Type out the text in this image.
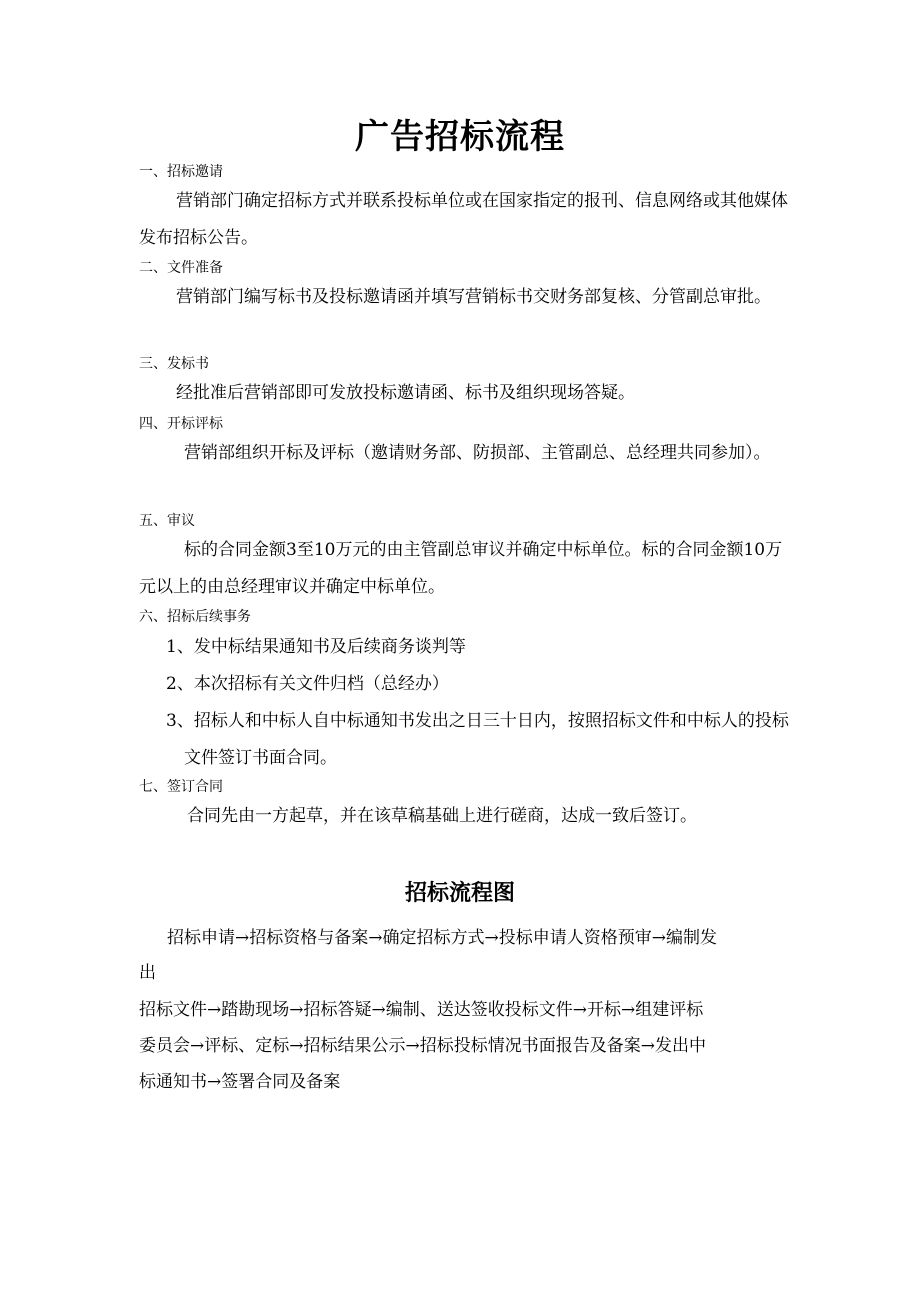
广告招标流程
一、招标邀请
营销部门确定招标方式并联系投标单位或在国家指定的报刊、信息网络或其他媒体发布招标公告。
二、文件准备
营销部门编写标书及投标邀请函并填写营销标书交财务部复核、分管副总审批。
三、发标书
经批准后营销部即可发放投标邀请函、标书及组织现场答疑。
四、开标评标
营销部组织开标及评标（邀请财务部、防损部、主管副总、总经理共同参加）。
五、审议
标的合同金额3至10万元的由主管副总审议并确定中标单位。标的合同金额10万元以上的由总经理审议并确定中标单位。
六、招标后续事务
1、发中标结果通知书及后续商务谈判等
2、本次招标有关文件归档（总经办）
3、招标人和中标人自中标通知书发出之日三十日内，按照招标文件和中标人的投标文件签订书面合同。
七、签订合同
合同先由一方起草，并在该草稿基础上进行磋商，达成一致后签订。
招标流程图
招标申请→招标资格与备案→确定招标方式→投标申请人资格预审→编制发
出
招标文件→踏勘现场→招标答疑→编制、送达签收投标文件→开标→组建评标
委员会→评标、定标→招标结果公示→招标投标情况书面报告及备案→发出中
标通知书→签署合同及备案
